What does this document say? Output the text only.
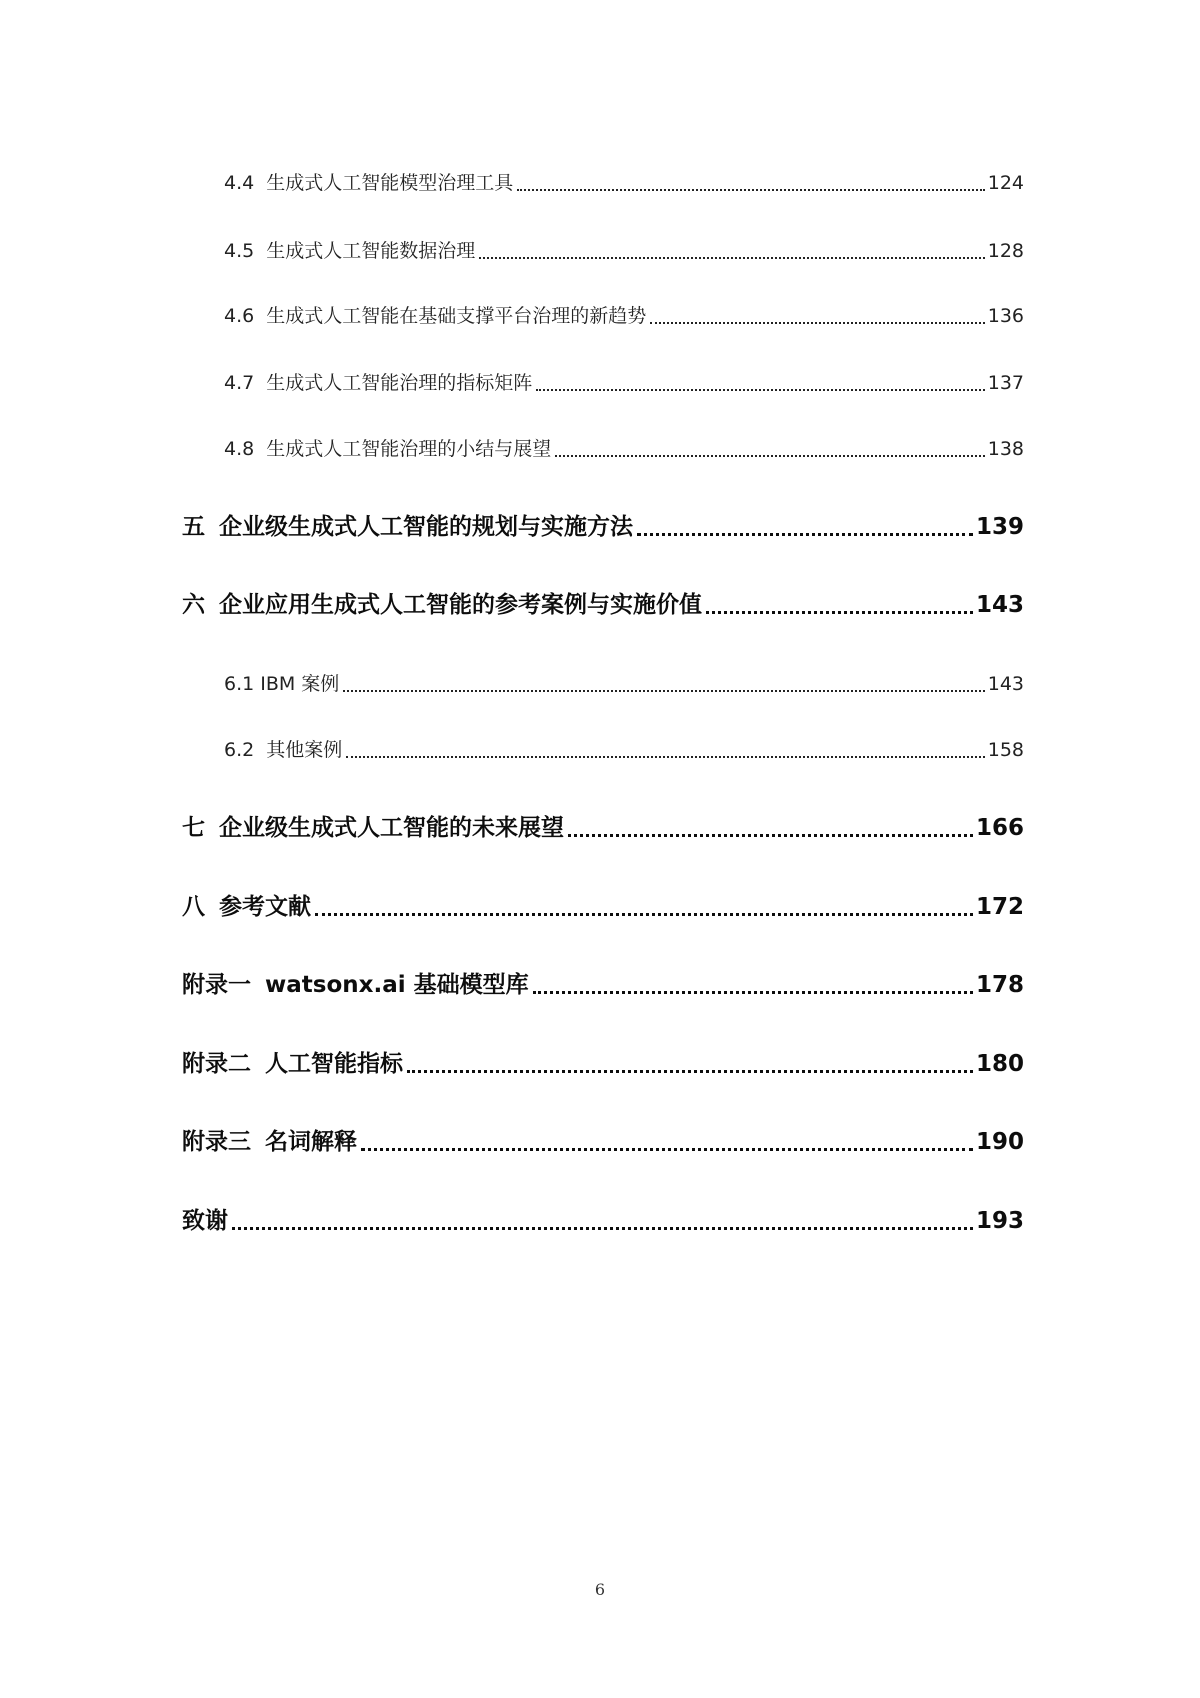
4.4 生成式人工智能模型治理工具	124
4.5 生成式人工智能数据治理	128
4.6 生成式人工智能在基础支撑平台治理的新趋势	136
4.7 生成式人工智能治理的指标矩阵	137
4.8 生成式人工智能治理的小结与展望	138
五 企业级生成式人工智能的规划与实施方法	139
六 企业应用生成式人工智能的参考案例与实施价值	143
6.1 IBM 案例	143
6.2 其他案例	158
七 企业级生成式人工智能的未来展望	166
八 参考文献	172
附录一 watsonx.ai 基础模型库	178
附录二 人工智能指标	180
附录三 名词解释	190
致谢	193
6
